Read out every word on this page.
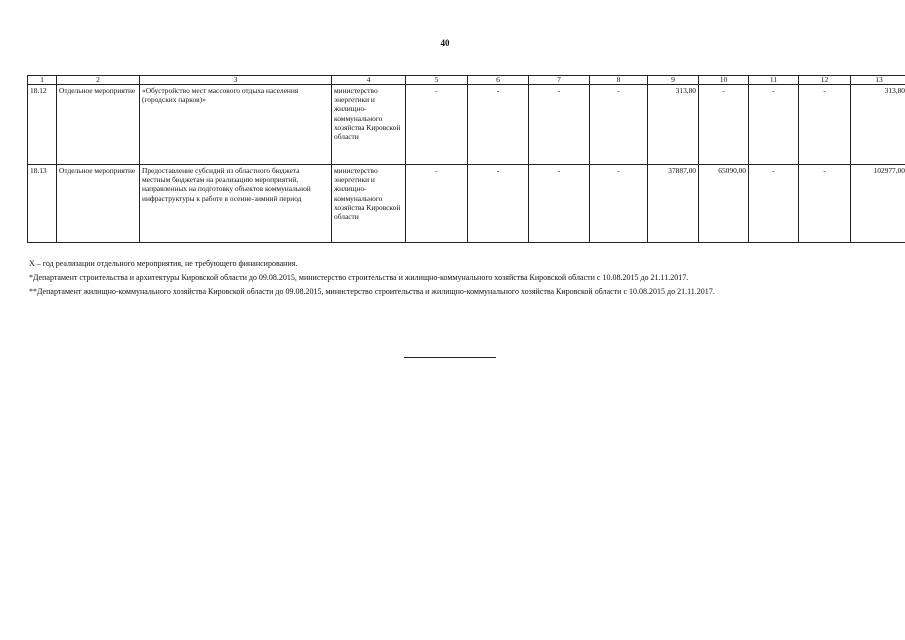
40
1	2	3	4	5	6	7	8	9	10	11	12	13
18.12	Отдельное мероприятие	«Обустройство мест массового отдыха населения (городских парков)»	министерство энергетики и жилищно-коммунального хозяйства Кировской области	-	-	-	-	313,80	-	-	-	313,80
18.13	Отдельное мероприятие	Предоставление субсидий из областного бюджета местным бюджетам на реализацию мероприятий, направленных на подготовку объектов коммунальной инфраструктуры к работе в осенне-зимний период	министерство энергетики и жилищно-коммунального хозяйства Кировской области	-	-	-	-	37887,00	65090,00	-	-	102977,00

Х – год реализации отдельного мероприятия, не требующего финансирования.

*Департамент строительства и архитектуры Кировской области до 09.08.2015, министерство строительства и жилищно-коммунального хозяйства Кировской области с 10.08.2015 до 21.11.2017.

**Департамент жилищно-коммунального хозяйства Кировской области до 09.08.2015, министерство строительства и жилищно-коммунального хозяйства Кировской области с 10.08.2015 до 21.11.2017.
